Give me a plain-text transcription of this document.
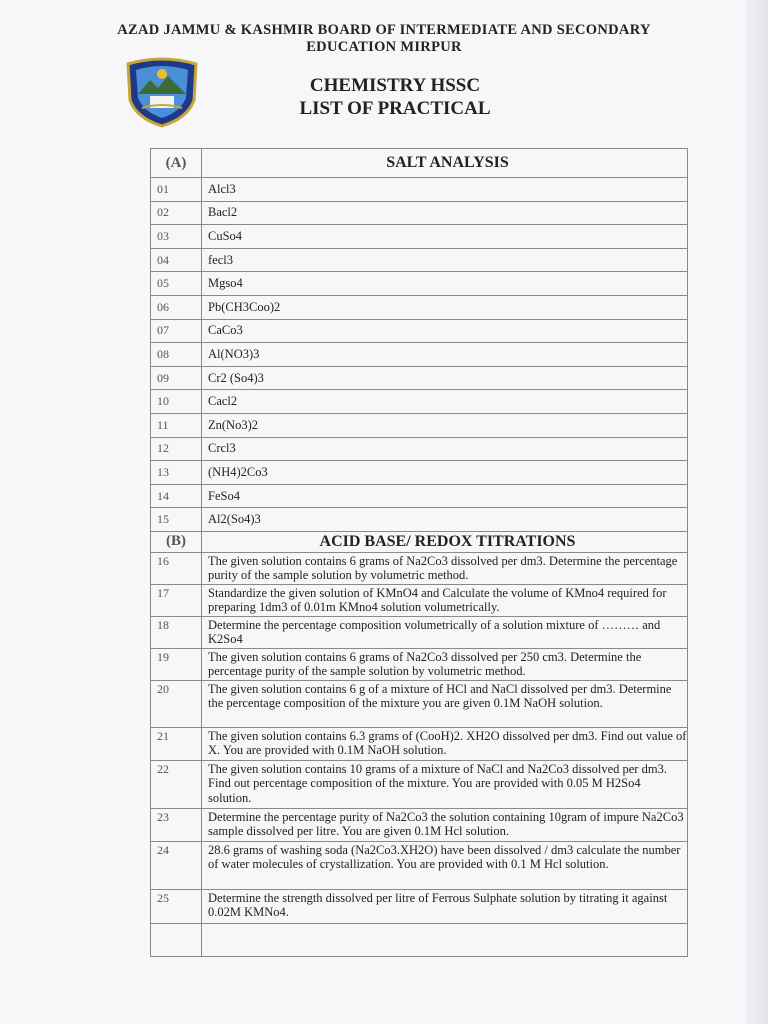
AZAD JAMMU & KASHMIR BOARD OF INTERMEDIATE AND SECONDARY
EDUCATION MIRPUR
CHEMISTRY HSSC
LIST OF PRACTICAL
(A)	SALT ANALYSIS
01	Alcl3
02	Bacl2
03	CuSo4
04	fecl3
05	Mgso4
06	Pb(CH3Coo)2
07	CaCo3
08	Al(NO3)3
09	Cr2 (So4)3
10	Cacl2
11	Zn(No3)2
12	Crcl3
13	(NH4)2Co3
14	FeSo4
15	Al2(So4)3
(B)	ACID BASE/ REDOX TITRATIONS
16	The given solution contains 6 grams of Na2Co3 dissolved per dm3. Determine the percentage purity of the sample solution by volumetric method.
17	Standardize the given solution of KMnO4 and Calculate the volume of KMno4 required for preparing 1dm3 of 0.01m KMno4 solution volumetrically.
18	Determine the percentage composition volumetrically of a solution mixture of ……… and K2So4
19	The given solution contains 6 grams of Na2Co3 dissolved per 250 cm3. Determine the percentage purity of the sample solution by volumetric method.
20	The given solution contains 6 g of a mixture of HCl and NaCl dissolved per dm3. Determine the percentage composition of the mixture you are given 0.1M NaOH solution.
21	The given solution contains 6.3 grams of (CooH)2. XH2O dissolved per dm3. Find out value of X. You are provided with 0.1M NaOH solution.
22	The given solution contains 10 grams of a mixture of NaCl and Na2Co3 dissolved per dm3. Find out percentage composition of the mixture. You are provided with 0.05 M H2So4 solution.
23	Determine the percentage purity of Na2Co3 the solution containing 10gram of impure Na2Co3 sample dissolved per litre. You are given 0.1M Hcl solution.
24	28.6 grams of washing soda (Na2Co3.XH2O) have been dissolved / dm3 calculate the number of water molecules of crystallization. You are provided with 0.1 M Hcl solution.
25	Determine the strength dissolved per litre of Ferrous Sulphate solution by titrating it against 0.02M KMNo4.
